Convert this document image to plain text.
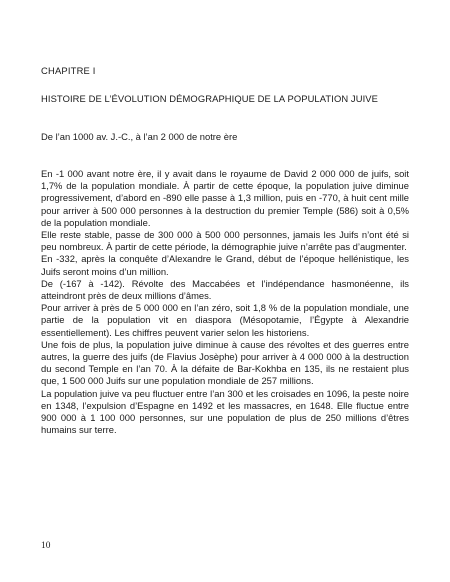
CHAPITRE I
HISTOIRE DE L’ÉVOLUTION DÉMOGRAPHIQUE DE LA POPULATION JUIVE
De l’an 1000 av. J.-C., à l’an 2 000 de notre ère

En -1 000 avant notre ère, il y avait dans le royaume de David 2 000 000 de juifs, soit 1,7% de la population mondiale. À partir de cette époque, la population juive diminue progressivement, d’abord en -890 elle passe à 1,3 million, puis en -770, à huit cent mille pour arriver à 500 000 personnes à la destruction du premier Temple (586) soit à 0,5% de la population mondiale.

Elle reste stable, passe de 300 000 à 500 000 personnes, jamais les Juifs n’ont été si peu nombreux. À partir de cette période, la démographie juive n’arrête pas d’augmenter.

En -332, après la conquête d’Alexandre le Grand, début de l’époque hellénistique, les Juifs seront moins d’un million.

De (-167 à -142). Révolte des Maccabées et l’indépendance hasmonéenne, ils atteindront près de deux millions d’âmes.

Pour arriver à près de 5 000 000 en l’an zéro, soit 1,8 % de la population mondiale, une partie de la population vit en diaspora (Mésopotamie, l’Égypte à Alexandrie essentiellement). Les chiffres peuvent varier selon les historiens.

Une fois de plus, la population juive diminue à cause des révoltes et des guerres entre autres, la guerre des juifs (de Flavius Josèphe) pour arriver à 4 000 000 à la destruction du second Temple en l’an 70. À la défaite de Bar-Kokhba en 135, ils ne restaient plus que, 1 500 000 Juifs sur une population mondiale de 257 millions.

La population juive va peu fluctuer entre l’an 300 et les croisades en 1096, la peste noire en 1348, l’expulsion d’Espagne en 1492 et les massacres, en 1648. Elle fluctue entre 900 000 à 1 100 000 personnes, sur une population de plus de 250 millions d’êtres humains sur terre.

10
